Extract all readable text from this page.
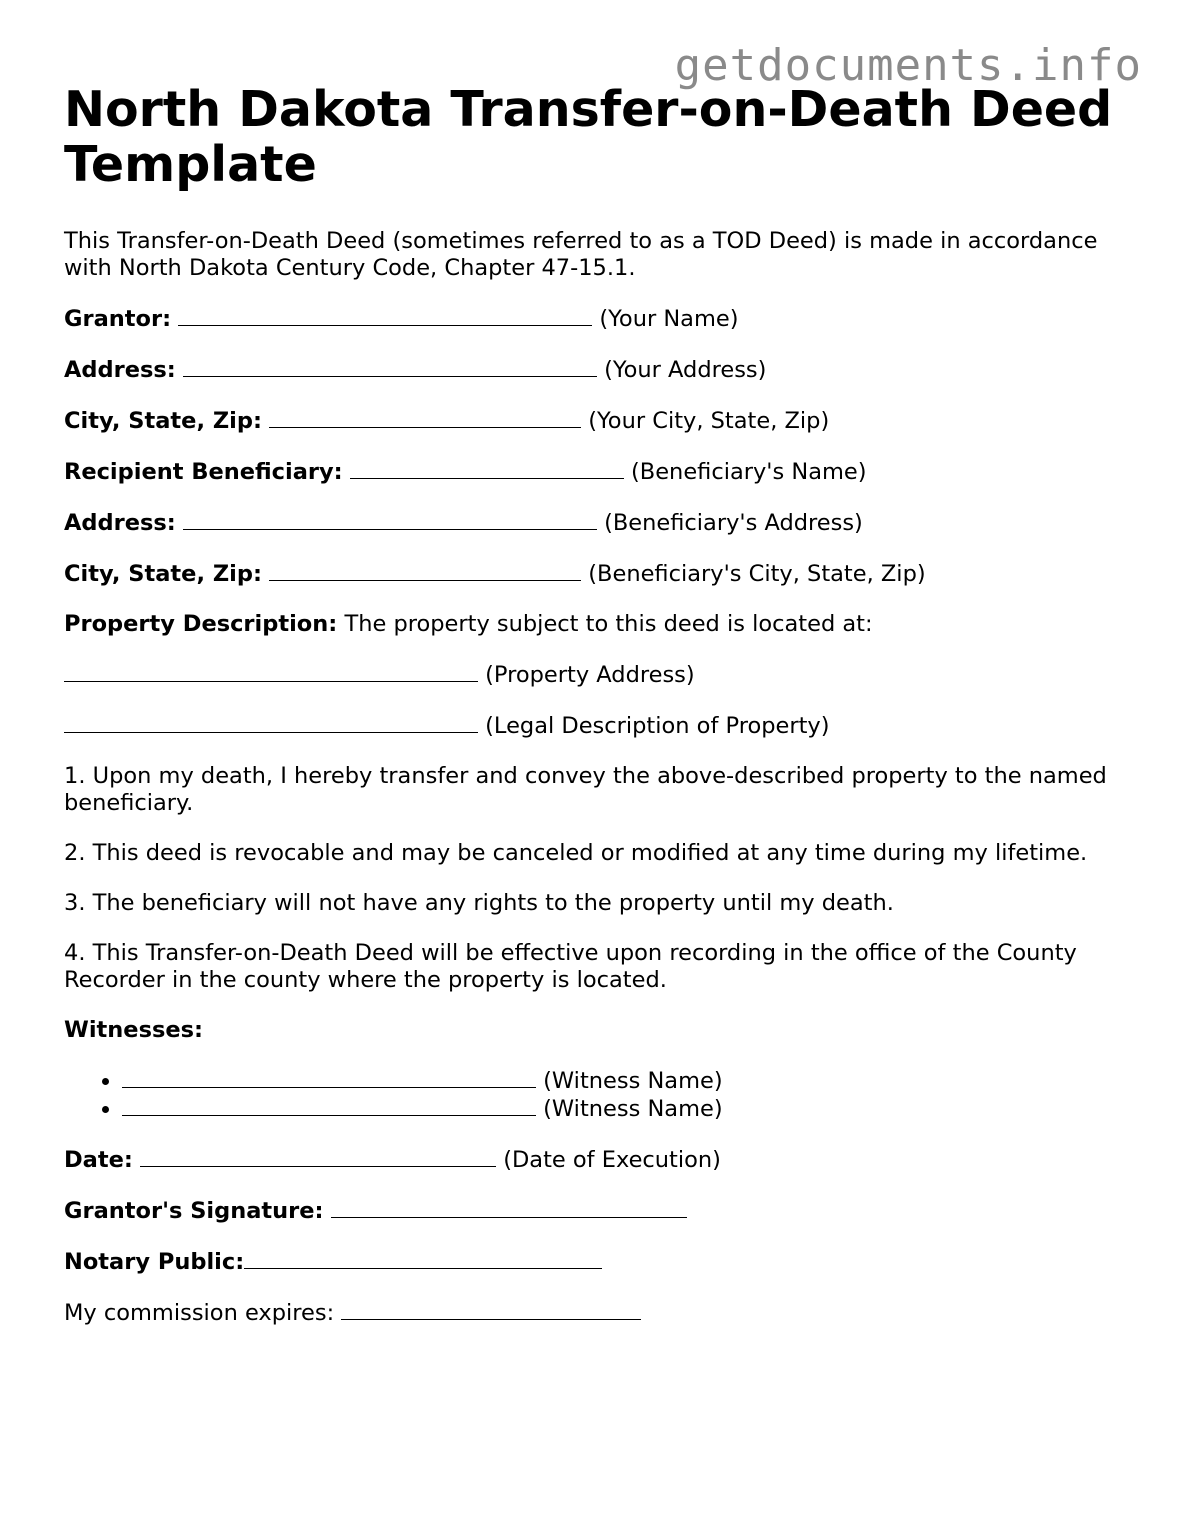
getdocuments.info
North Dakota Transfer-on-Death Deed Template

This Transfer-on-Death Deed (sometimes referred to as a TOD Deed) is made in accordance with North Dakota Century Code, Chapter 47-15.1.

Grantor:	(Your Name)

Address:	(Your Address)

City, State, Zip:	(Your City, State, Zip)

Recipient Beneficiary:	(Beneficiary's Name)

Address:	(Beneficiary's Address)

City, State, Zip:	(Beneficiary's City, State, Zip)

Property Description: The property subject to this deed is located at:

(Property Address)

(Legal Description of Property)

1. Upon my death, I hereby transfer and convey the above-described property to the named beneficiary.

2. This deed is revocable and may be canceled or modified at any time during my lifetime.

3. The beneficiary will not have any rights to the property until my death.

4. This Transfer-on-Death Deed will be effective upon recording in the office of the County Recorder in the county where the property is located.

Witnesses:

• (Witness Name)
• (Witness Name)

Date:	(Date of Execution)

Grantor's Signature:

Notary Public:

My commission expires:
